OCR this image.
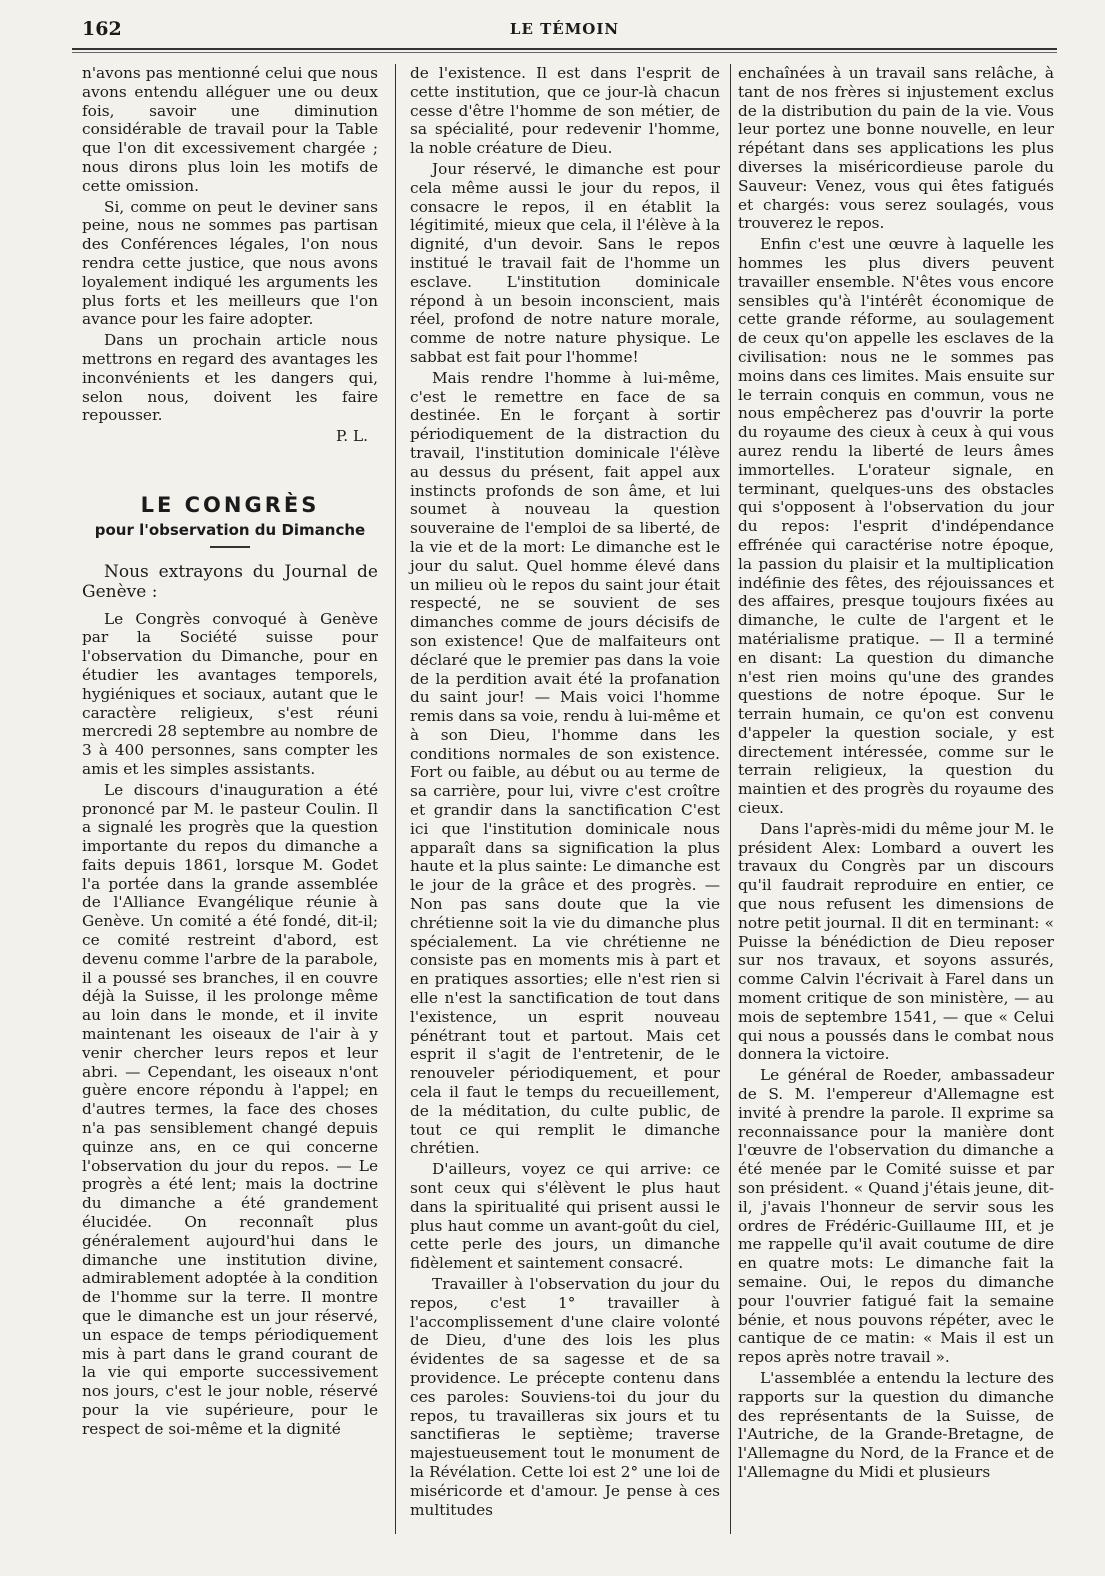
162	LE TÉMOIN

n'avons pas mentionné celui que nous avons entendu alléguer une ou deux fois, savoir une diminution considérable de travail pour la Table que l'on dit excessivement chargée ; nous dirons plus loin les motifs de cette omission.

Si, comme on peut le deviner sans peine, nous ne sommes pas partisan des Conférences légales, l'on nous rendra cette justice, que nous avons loyalement indiqué les arguments les plus forts et les meilleurs que l'on avance pour les faire adopter.

Dans un prochain article nous mettrons en regard des avantages les inconvénients et les dangers qui, selon nous, doivent les faire repousser.

P. L.

LE CONGRÈS
pour l'observation du Dimanche

Nous extrayons du Journal de Genève :

Le Congrès convoqué à Genève par la Société suisse pour l'observation du Dimanche, pour en étudier les avantages temporels, hygiéniques et sociaux, autant que le caractère religieux, s'est réuni mercredi 28 septembre au nombre de 3 à 400 personnes, sans compter les amis et les simples assistants.

Le discours d'inauguration a été prononcé par M. le pasteur Coulin. Il a signalé les progrès que la question importante du repos du dimanche a faits depuis 1861, lorsque M. Godet l'a portée dans la grande assemblée de l'Alliance Evangélique réunie à Genève. Un comité a été fondé, dit-il; ce comité restreint d'abord, est devenu comme l'arbre de la parabole, il a poussé ses branches, il en couvre déjà la Suisse, il les prolonge même au loin dans le monde, et il invite maintenant les oiseaux de l'air à y venir chercher leurs repos et leur abri. — Cependant, les oiseaux n'ont guère encore répondu à l'appel; en d'autres termes, la face des choses n'a pas sensiblement changé depuis quinze ans, en ce qui concerne l'observation du jour du repos. — Le progrès a été lent; mais la doctrine du dimanche a été grandement élucidée. On reconnaît plus généralement aujourd'hui dans le dimanche une institution divine, admirablement adoptée à la condition de l'homme sur la terre. Il montre que le dimanche est un jour réservé, un espace de temps périodiquement mis à part dans le grand courant de la vie qui emporte successivement nos jours, c'est le jour noble, réservé pour la vie supérieure, pour le respect de soi-même et la dignité

de l'existence. Il est dans l'esprit de cette institution, que ce jour-là chacun cesse d'être l'homme de son métier, de sa spécialité, pour redevenir l'homme, la noble créature de Dieu.

Jour réservé, le dimanche est pour cela même aussi le jour du repos, il consacre le repos, il en établit la légitimité, mieux que cela, il l'élève à la dignité, d'un devoir. Sans le repos institué le travail fait de l'homme un esclave. L'institution dominicale répond à un besoin inconscient, mais réel, profond de notre nature morale, comme de notre nature physique. Le sabbat est fait pour l'homme!

Mais rendre l'homme à lui-même, c'est le remettre en face de sa destinée. En le forçant à sortir périodiquement de la distraction du travail, l'institution dominicale l'élève au dessus du présent, fait appel aux instincts profonds de son âme, et lui soumet à nouveau la question souveraine de l'emploi de sa liberté, de la vie et de la mort: Le dimanche est le jour du salut. Quel homme élevé dans un milieu où le repos du saint jour était respecté, ne se souvient de ses dimanches comme de jours décisifs de son existence! Que de malfaiteurs ont déclaré que le premier pas dans la voie de la perdition avait été la profanation du saint jour! — Mais voici l'homme remis dans sa voie, rendu à lui-même et à son Dieu, l'homme dans les conditions normales de son existence. Fort ou faible, au début ou au terme de sa carrière, pour lui, vivre c'est croître et grandir dans la sanctification C'est ici que l'institution dominicale nous apparaît dans sa signification la plus haute et la plus sainte: Le dimanche est le jour de la grâce et des progrès. — Non pas sans doute que la vie chrétienne soit la vie du dimanche plus spécialement. La vie chrétienne ne consiste pas en moments mis à part et en pratiques assorties; elle n'est rien si elle n'est la sanctification de tout dans l'existence, un esprit nouveau pénétrant tout et partout. Mais cet esprit il s'agit de l'entretenir, de le renouveler périodiquement, et pour cela il faut le temps du recueillement, de la méditation, du culte public, de tout ce qui remplit le dimanche chrétien.

D'ailleurs, voyez ce qui arrive: ce sont ceux qui s'élèvent le plus haut dans la spiritualité qui prisent aussi le plus haut comme un avant-goût du ciel, cette perle des jours, un dimanche fidèlement et saintement consacré.

Travailler à l'observation du jour du repos, c'est 1° travailler à l'accomplissement d'une claire volonté de Dieu, d'une des lois les plus évidentes de sa sagesse et de sa providence. Le précepte contenu dans ces paroles: Souviens-toi du jour du repos, tu travailleras six jours et tu sanctifieras le septième; traverse majestueusement tout le monument de la Révélation. Cette loi est 2° une loi de miséricorde et d'amour. Je pense à ces multitudes

enchaînées à un travail sans relâche, à tant de nos frères si injustement exclus de la distribution du pain de la vie. Vous leur portez une bonne nouvelle, en leur répétant dans ses applications les plus diverses la miséricordieuse parole du Sauveur: Venez, vous qui êtes fatigués et chargés: vous serez soulagés, vous trouverez le repos.

Enfin c'est une œuvre à laquelle les hommes les plus divers peuvent travailler ensemble. N'êtes vous encore sensibles qu'à l'intérêt économique de cette grande réforme, au soulagement de ceux qu'on appelle les esclaves de la civilisation: nous ne le sommes pas moins dans ces limites. Mais ensuite sur le terrain conquis en commun, vous ne nous empêcherez pas d'ouvrir la porte du royaume des cieux à ceux à qui vous aurez rendu la liberté de leurs âmes immortelles. L'orateur signale, en terminant, quelques-uns des obstacles qui s'opposent à l'observation du jour du repos: l'esprit d'indépendance effrénée qui caractérise notre époque, la passion du plaisir et la multiplication indéfinie des fêtes, des réjouissances et des affaires, presque toujours fixées au dimanche, le culte de l'argent et le matérialisme pratique. — Il a terminé en disant: La question du dimanche n'est rien moins qu'une des grandes questions de notre époque. Sur le terrain humain, ce qu'on est convenu d'appeler la question sociale, y est directement intéressée, comme sur le terrain religieux, la question du maintien et des progrès du royaume des cieux.

Dans l'après-midi du même jour M. le président Alex: Lombard a ouvert les travaux du Congrès par un discours qu'il faudrait reproduire en entier, ce que nous refusent les dimensions de notre petit journal. Il dit en terminant: « Puisse la bénédiction de Dieu reposer sur nos travaux, et soyons assurés, comme Calvin l'écrivait à Farel dans un moment critique de son ministère, — au mois de septembre 1541, — que « Celui qui nous a poussés dans le combat nous donnera la victoire.

Le général de Roeder, ambassadeur de S. M. l'empereur d'Allemagne est invité à prendre la parole. Il exprime sa reconnaissance pour la manière dont l'œuvre de l'observation du dimanche a été menée par le Comité suisse et par son président. « Quand j'étais jeune, dit-il, j'avais l'honneur de servir sous les ordres de Frédéric-Guillaume III, et je me rappelle qu'il avait coutume de dire en quatre mots: Le dimanche fait la semaine. Oui, le repos du dimanche pour l'ouvrier fatigué fait la semaine bénie, et nous pouvons répéter, avec le cantique de ce matin: « Mais il est un repos après notre travail ».

L'assemblée a entendu la lecture des rapports sur la question du dimanche des représentants de la Suisse, de l'Autriche, de la Grande-Bretagne, de l'Allemagne du Nord, de la France et de l'Allemagne du Midi et plusieurs
